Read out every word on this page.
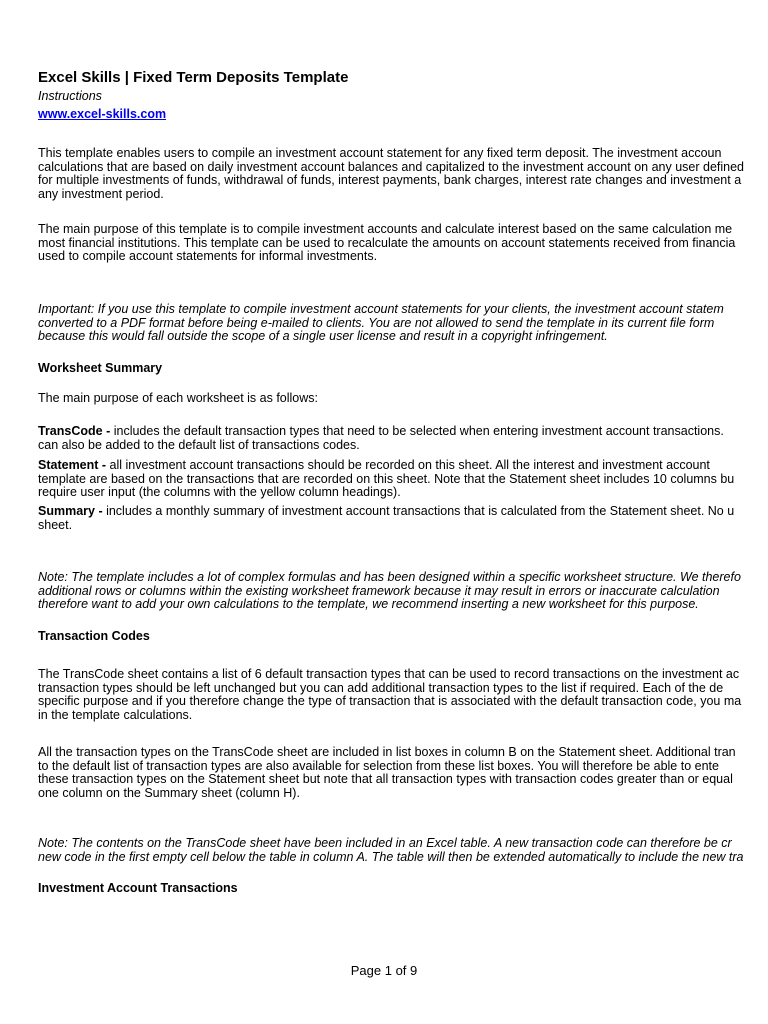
Excel Skills | Fixed Term Deposits Template
Instructions
www.excel-skills.com
This template enables users to compile an investment account statement for any fixed term deposit. The investment accoun
calculations that are based on daily investment account balances and capitalized to the investment account on any user defined
for multiple investments of funds, withdrawal of funds, interest payments, bank charges, interest rate changes and investment a
any investment period.
The main purpose of this template is to compile investment accounts and calculate interest based on the same calculation me
most financial institutions. This template can be used to recalculate the amounts on account statements received from financia
used to compile account statements for informal investments.
Important: If you use this template to compile investment account statements for your clients, the investment account statem
converted to a PDF format before being e-mailed to clients. You are not allowed to send the template in its current file form
because this would fall outside the scope of a single user license and result in a copyright infringement.
Worksheet Summary
The main purpose of each worksheet is as follows:
TransCode - includes the default transaction types that need to be selected when entering investment account transactions.
can also be added to the default list of transactions codes.
Statement - all investment account transactions should be recorded on this sheet. All the interest and investment account
template are based on the transactions that are recorded on this sheet. Note that the Statement sheet includes 10 columns bu
require user input (the columns with the yellow column headings).
Summary - includes a monthly summary of investment account transactions that is calculated from the Statement sheet. No u
sheet.
Note: The template includes a lot of complex formulas and has been designed within a specific worksheet structure. We therefo
additional rows or columns within the existing worksheet framework because it may result in errors or inaccurate calculation
therefore want to add your own calculations to the template, we recommend inserting a new worksheet for this purpose.
Transaction Codes
The TransCode sheet contains a list of 6 default transaction types that can be used to record transactions on the investment ac
transaction types should be left unchanged but you can add additional transaction types to the list if required. Each of the de
specific purpose and if you therefore change the type of transaction that is associated with the default transaction code, you ma
in the template calculations.
All the transaction types on the TransCode sheet are included in list boxes in column B on the Statement sheet. Additional tran
to the default list of transaction types are also available for selection from these list boxes. You will therefore be able to ente
these transaction types on the Statement sheet but note that all transaction types with transaction codes greater than or equal
one column on the Summary sheet (column H).
Note: The contents on the TransCode sheet have been included in an Excel table. A new transaction code can therefore be cr
new code in the first empty cell below the table in column A. The table will then be extended automatically to include the new tra
Investment Account Transactions
Page 1 of 9
